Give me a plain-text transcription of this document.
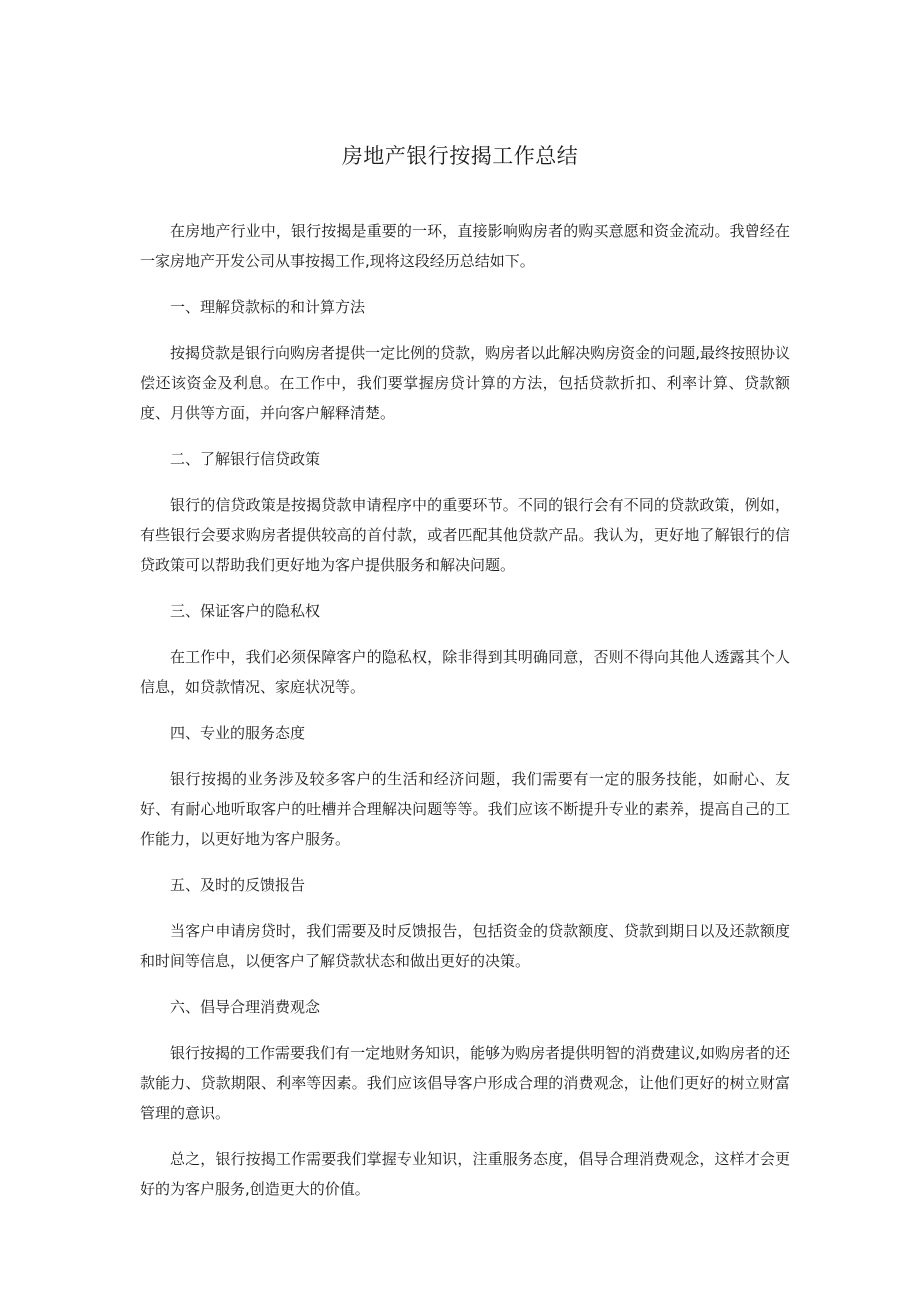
房地产银行按揭工作总结

在房地产行业中，银行按揭是重要的一环，直接影响购房者的购买意愿和资金流动。我曾经在一家房地产开发公司从事按揭工作,现将这段经历总结如下。

一、理解贷款标的和计算方法

按揭贷款是银行向购房者提供一定比例的贷款，购房者以此解决购房资金的问题,最终按照协议偿还该资金及利息。在工作中，我们要掌握房贷计算的方法，包括贷款折扣、利率计算、贷款额度、月供等方面，并向客户解释清楚。

二、了解银行信贷政策

银行的信贷政策是按揭贷款申请程序中的重要环节。不同的银行会有不同的贷款政策，例如，有些银行会要求购房者提供较高的首付款，或者匹配其他贷款产品。我认为，更好地了解银行的信贷政策可以帮助我们更好地为客户提供服务和解决问题。

三、保证客户的隐私权

在工作中，我们必须保障客户的隐私权，除非得到其明确同意，否则不得向其他人透露其个人信息，如贷款情况、家庭状况等。

四、专业的服务态度

银行按揭的业务涉及较多客户的生活和经济问题，我们需要有一定的服务技能，如耐心、友好、有耐心地听取客户的吐槽并合理解决问题等等。我们应该不断提升专业的素养，提高自己的工作能力，以更好地为客户服务。

五、及时的反馈报告

当客户申请房贷时，我们需要及时反馈报告，包括资金的贷款额度、贷款到期日以及还款额度和时间等信息，以便客户了解贷款状态和做出更好的决策。

六、倡导合理消费观念

银行按揭的工作需要我们有一定地财务知识，能够为购房者提供明智的消费建议,如购房者的还款能力、贷款期限、利率等因素。我们应该倡导客户形成合理的消费观念，让他们更好的树立财富管理的意识。

总之，银行按揭工作需要我们掌握专业知识，注重服务态度，倡导合理消费观念，这样才会更好的为客户服务,创造更大的价值。
